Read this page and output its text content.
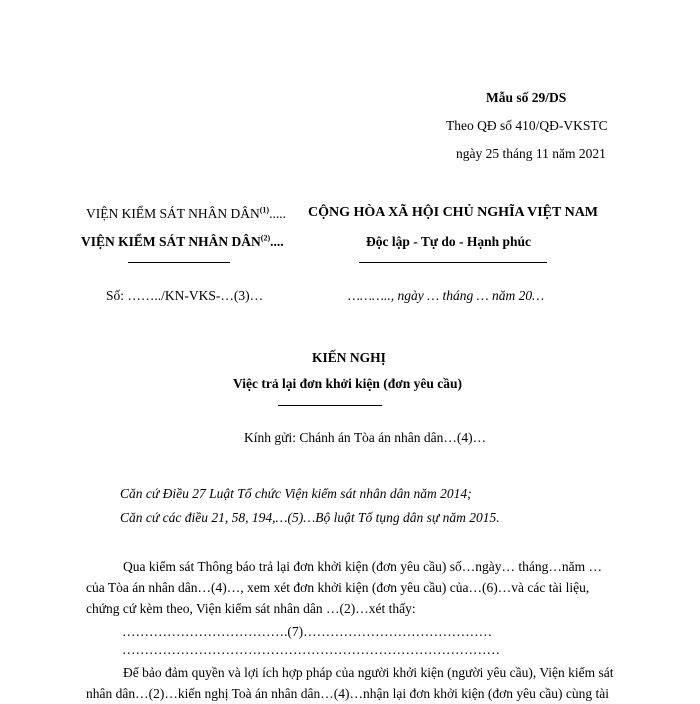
Mẫu số 29/DS
Theo QĐ số 410/QĐ-VKSTC
ngày 25 tháng 11 năm 2021
VIỆN KIỂM SÁT NHÂN DÂN$^{(1)}$.....
VIỆN KIỂM SÁT NHÂN DÂN$^{(2)}$....
Số: ……../KN-VKS-…(3)…
CỘNG HÒA XÃ HỘI CHỦ NGHĨA VIỆT NAM
Độc lập - Tự do - Hạnh phúc
……….., ngày … tháng … năm 20…
KIẾN NGHỊ
Việc trả lại đơn khởi kiện (đơn yêu cầu)
Kính gửi: Chánh án Tòa án nhân dân…(4)…
Căn cứ Điều 27 Luật Tổ chức Viện kiểm sát nhân dân năm 2014;
Căn cứ các điều 21, 58, 194,…(5)…Bộ luật Tố tụng dân sự năm 2015.
Qua kiểm sát Thông báo trả lại đơn khởi kiện (đơn yêu cầu) số…ngày… tháng…năm …
của Tòa án nhân dân…(4)…, xem xét đơn khởi kiện (đơn yêu cầu) của…(6)…và các tài liệu,
chứng cứ kèm theo, Viện kiểm sát nhân dân …(2)…xét thấy:
……………………………….(7)……………………………………
…………………………………………………………………………
Để bảo đảm quyền và lợi ích hợp pháp của người khởi kiện (người yêu cầu), Viện kiểm sát
nhân dân…(2)…kiến nghị Toà án nhân dân…(4)…nhận lại đơn khởi kiện (đơn yêu cầu) cùng tài
